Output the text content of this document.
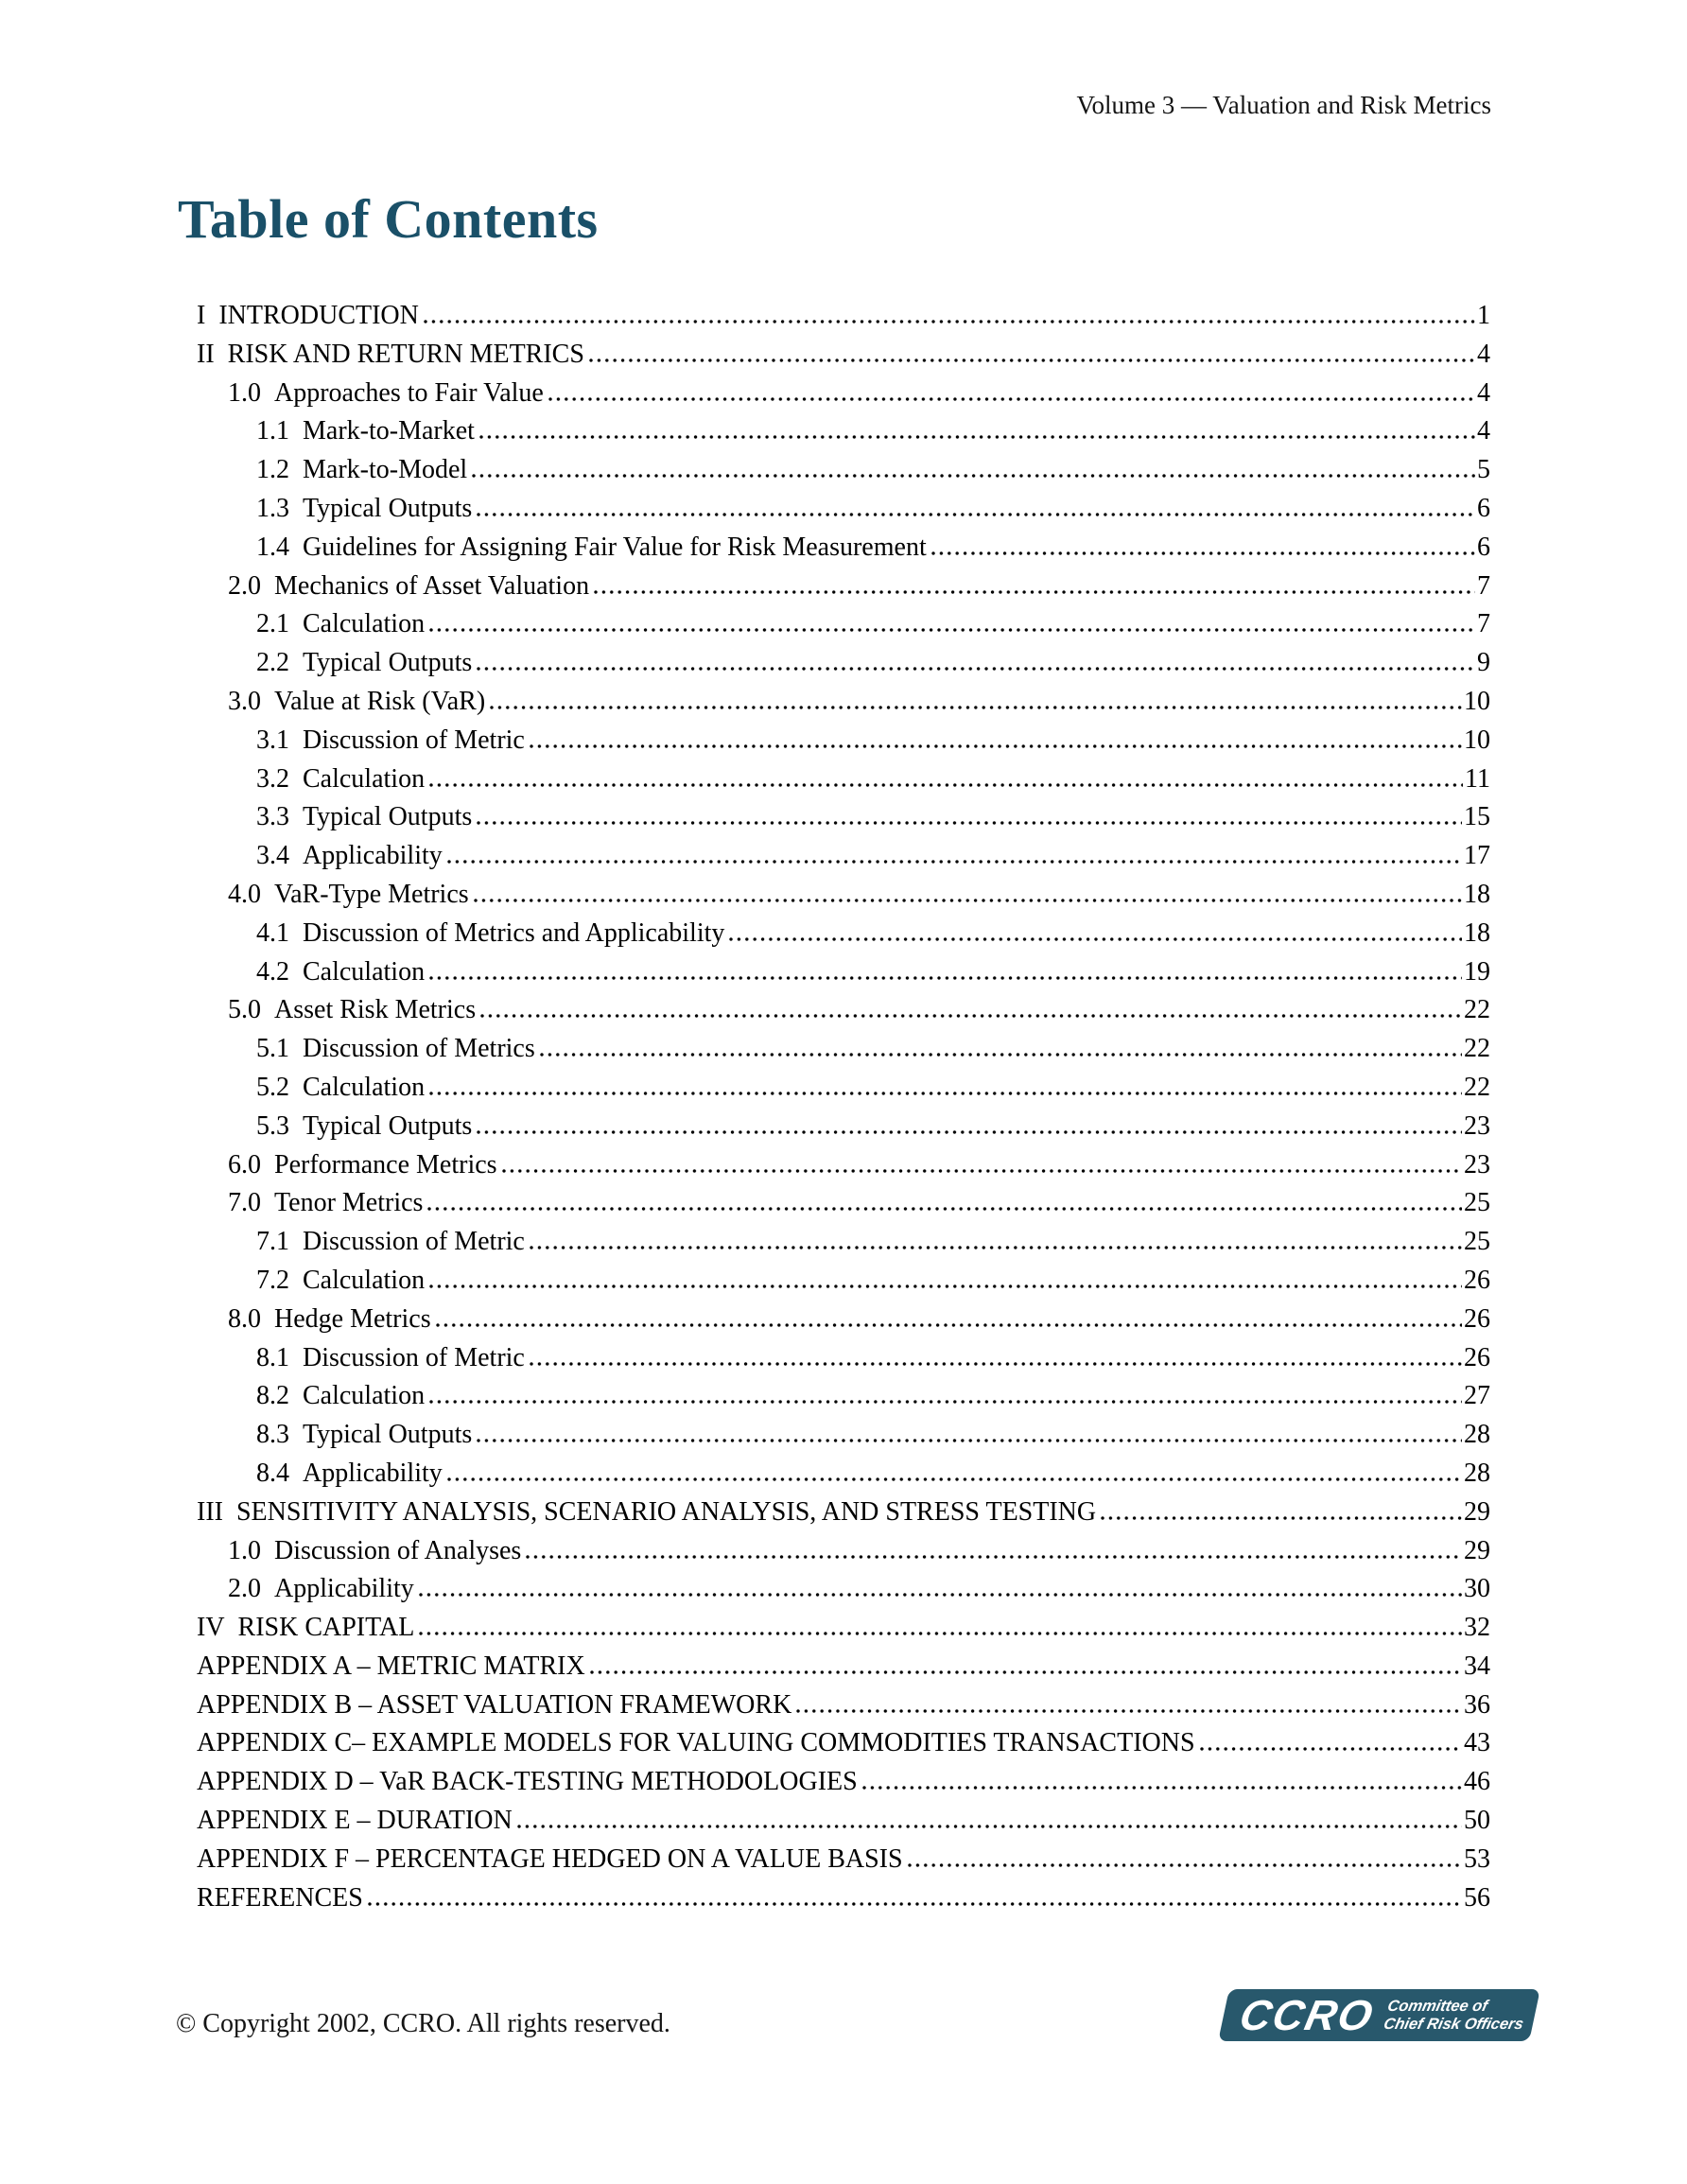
Volume 3 — Valuation and Risk Metrics
Table of Contents
I INTRODUCTION	1
II RISK AND RETURN METRICS	4
1.0 Approaches to Fair Value	4
1.1 Mark-to-Market	4
1.2 Mark-to-Model	5
1.3 Typical Outputs	6
1.4 Guidelines for Assigning Fair Value for Risk Measurement	6
2.0 Mechanics of Asset Valuation	7
2.1 Calculation	7
2.2 Typical Outputs	9
3.0 Value at Risk (VaR)	10
3.1 Discussion of Metric	10
3.2 Calculation	11
3.3 Typical Outputs	15
3.4 Applicability	17
4.0 VaR-Type Metrics	18
4.1 Discussion of Metrics and Applicability	18
4.2 Calculation	19
5.0 Asset Risk Metrics	22
5.1 Discussion of Metrics	22
5.2 Calculation	22
5.3 Typical Outputs	23
6.0 Performance Metrics	23
7.0 Tenor Metrics	25
7.1 Discussion of Metric	25
7.2 Calculation	26
8.0 Hedge Metrics	26
8.1 Discussion of Metric	26
8.2 Calculation	27
8.3 Typical Outputs	28
8.4 Applicability	28
III SENSITIVITY ANALYSIS, SCENARIO ANALYSIS, AND STRESS TESTING	29
1.0 Discussion of Analyses	29
2.0 Applicability	30
IV RISK CAPITAL	32
APPENDIX A – METRIC MATRIX	34
APPENDIX B – ASSET VALUATION FRAMEWORK	36
APPENDIX C– EXAMPLE MODELS FOR VALUING COMMODITIES TRANSACTIONS	43
APPENDIX D – VaR BACK-TESTING METHODOLOGIES	46
APPENDIX E – DURATION	50
APPENDIX F – PERCENTAGE HEDGED ON A VALUE BASIS	53
REFERENCES	56
© Copyright 2002, CCRO. All rights reserved.	CCRO Committee of
Chief Risk Officers
